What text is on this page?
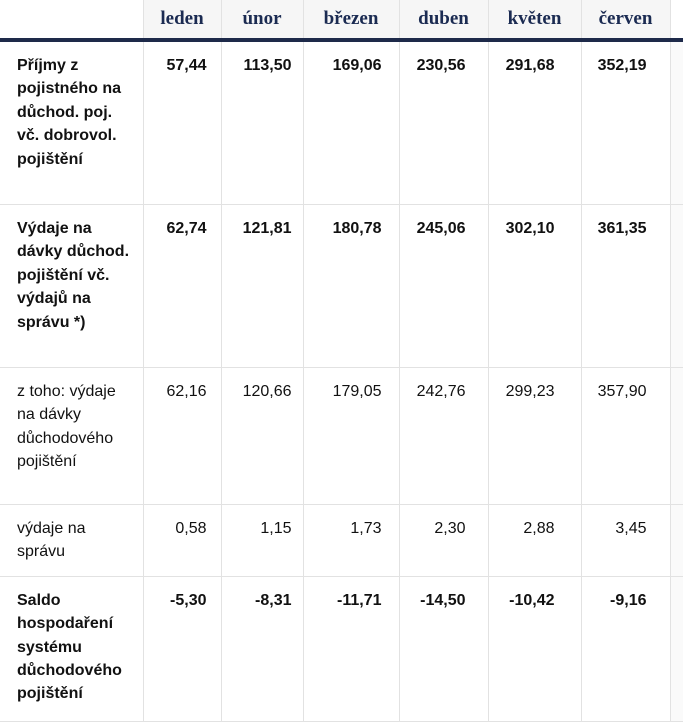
	leden	únor	březen	duben	květen	červen	
Příjmy z pojistného na důchod. poj. vč. dobrovol. pojištění	57,44	113,50	169,06	230,56	291,68	352,19	
Výdaje na dávky důchod. pojištění vč. výdajů na správu *)	62,74	121,81	180,78	245,06	302,10	361,35	
z toho: výdaje na dávky důchodového pojištění	62,16	120,66	179,05	242,76	299,23	357,90	
výdaje na správu	0,58	1,15	1,73	2,30	2,88	3,45	
Saldo hospodaření systému důchodového pojištění	-5,30	-8,31	-11,71	-14,50	-10,42	-9,16	
